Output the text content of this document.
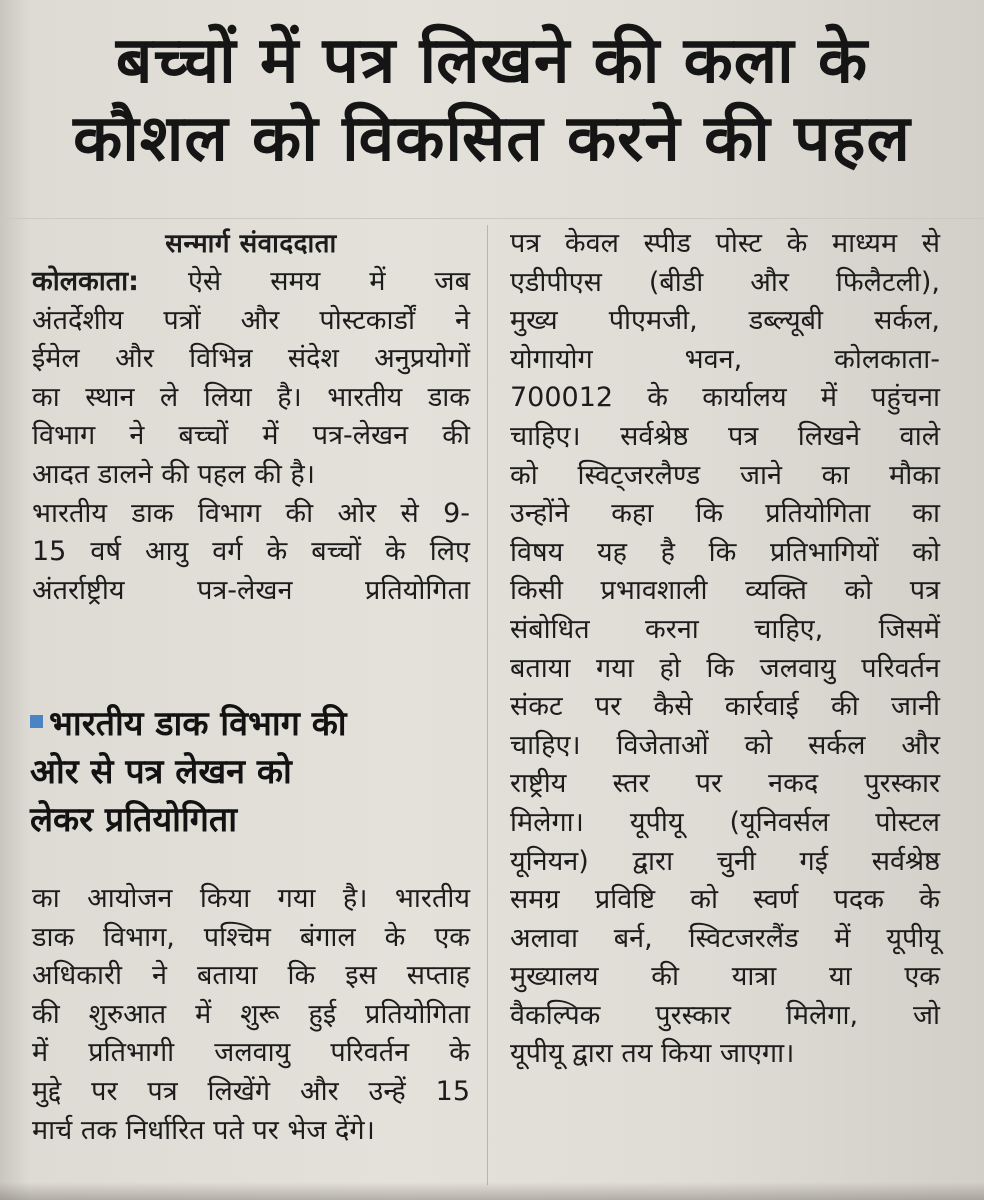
बच्चों में पत्र लिखने की कला के
कौशल को विकसित करने की पहल
सन्मार्ग संवाददाता
कोलकाता: ऐसे समय में जब
अंतर्देशीय पत्रों और पोस्टकार्डों ने
ईमेल और विभिन्न संदेश अनुप्रयोगों
का स्थान ले लिया है। भारतीय डाक
विभाग ने बच्चों में पत्र-लेखन की
आदत डालने की पहल की है।
भारतीय डाक विभाग की ओर से 9-
15 वर्ष आयु वर्ग के बच्चों के लिए
अंतर्राष्ट्रीय पत्र-लेखन प्रतियोगिता
भारतीय डाक विभाग की
ओर से पत्र लेखन को
लेकर प्रतियोगिता
का आयोजन किया गया है। भारतीय
डाक विभाग, पश्चिम बंगाल के एक
अधिकारी ने बताया कि इस सप्ताह
की शुरुआत में शुरू हुई प्रतियोगिता
में प्रतिभागी जलवायु परिवर्तन के
मुद्दे पर पत्र लिखेंगे और उन्हें 15
मार्च तक निर्धारित पते पर भेज देंगे।
पत्र केवल स्पीड पोस्ट के माध्यम से
एडीपीएस (बीडी और फिलैटली),
मुख्य पीएमजी, डब्ल्यूबी सर्कल,
योगायोग भवन, कोलकाता-
700012 के कार्यालय में पहुंचना
चाहिए। सर्वश्रेष्ठ पत्र लिखने वाले
को स्विट्जरलैण्ड जाने का मौका
उन्होंने कहा कि प्रतियोगिता का
विषय यह है कि प्रतिभागियों को
किसी प्रभावशाली व्यक्ति को पत्र
संबोधित करना चाहिए, जिसमें
बताया गया हो कि जलवायु परिवर्तन
संकट पर कैसे कार्रवाई की जानी
चाहिए। विजेताओं को सर्कल और
राष्ट्रीय स्तर पर नकद पुरस्कार
मिलेगा। यूपीयू (यूनिवर्सल पोस्टल
यूनियन) द्वारा चुनी गई सर्वश्रेष्ठ
समग्र प्रविष्टि को स्वर्ण पदक के
अलावा बर्न, स्विटजरलैंड में यूपीयू
मुख्यालय की यात्रा या एक
वैकल्पिक पुरस्कार मिलेगा, जो
यूपीयू द्वारा तय किया जाएगा।
